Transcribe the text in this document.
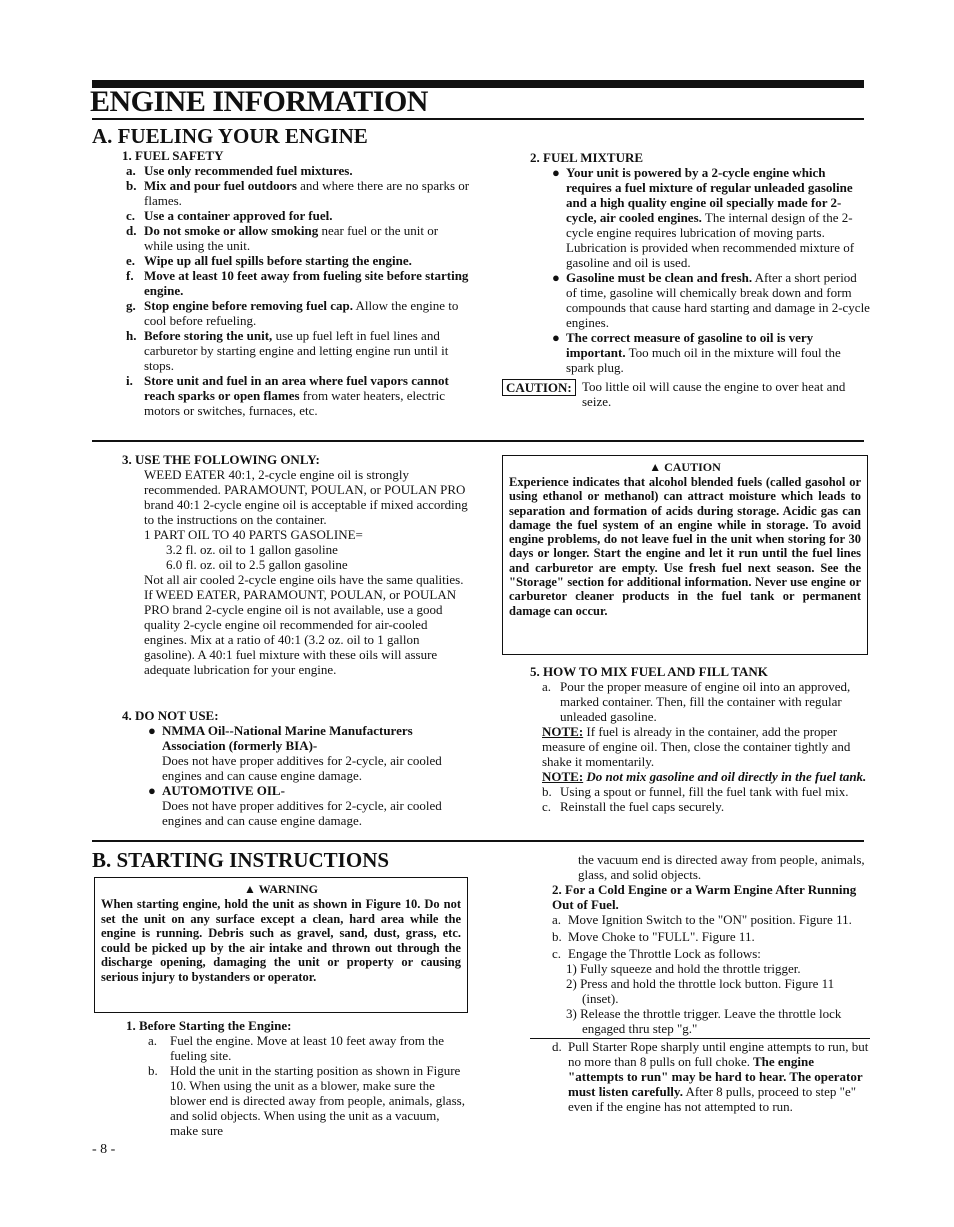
ENGINE INFORMATION
A. FUELING YOUR ENGINE

1. FUEL SAFETY

a. Use only recommended fuel mixtures.
b. Mix and pour fuel outdoors and where there are no sparks or flames.
c. Use a container approved for fuel.
d. Do not smoke or allow smoking near fuel or the unit or while using the unit.
e. Wipe up all fuel spills before starting the engine.
f. Move at least 10 feet away from fueling site before starting engine.
g. Stop engine before removing fuel cap. Allow the engine to cool before refueling.
h. Before storing the unit, use up fuel left in fuel lines and carburetor by starting engine and letting engine run until it stops.
i. Store unit and fuel in an area where fuel vapors cannot reach sparks or open flames from water heaters, electric motors or switches, furnaces, etc.

2. FUEL MIXTURE

● Your unit is powered by a 2-cycle engine which requires a fuel mixture of regular unleaded gasoline and a high quality engine oil specially made for 2-cycle, air cooled engines. The internal design of the 2-cycle engine requires lubrication of moving parts. Lubrication is provided when recommended mixture of gasoline and oil is used.
● Gasoline must be clean and fresh. After a short period of time, gasoline will chemically break down and form compounds that cause hard starting and damage in 2-cycle engines.
● The correct measure of gasoline to oil is very important. Too much oil in the mixture will foul the spark plug.
CAUTION: Too little oil will cause the engine to over heat and seize.

3. USE THE FOLLOWING ONLY:

WEED EATER 40:1, 2-cycle engine oil is strongly recommended. PARAMOUNT, POULAN, or POULAN PRO brand 40:1 2-cycle engine oil is acceptable if mixed according to the instructions on the container.

1 PART OIL TO 40 PARTS GASOLINE=

3.2 fl. oz. oil to 1 gallon gasoline

6.0 fl. oz. oil to 2.5 gallon gasoline

Not all air cooled 2-cycle engine oils have the same qualities. If WEED EATER, PARAMOUNT, POULAN, or POULAN PRO brand 2-cycle engine oil is not available, use a good quality 2-cycle engine oil recommended for air-cooled engines. Mix at a ratio of 40:1 (3.2 oz. oil to 1 gallon gasoline). A 40:1 fuel mixture with these oils will assure adequate lubrication for your engine.

4. DO NOT USE:

● NMMA Oil--National Marine Manufacturers Association (formerly BIA)-

Does not have proper additives for 2-cycle, air cooled engines and can cause engine damage.

● AUTOMOTIVE OIL-

Does not have proper additives for 2-cycle, air cooled engines and can cause engine damage.

▲ CAUTION
Experience indicates that alcohol blended fuels (called gasohol or using ethanol or methanol) can attract moisture which leads to separation and formation of acids during storage. Acidic gas can damage the fuel system of an engine while in storage. To avoid engine problems, do not leave fuel in the unit when storing for 30 days or longer. Start the engine and let it run until the fuel lines and carburetor are empty. Use fresh fuel next season. See the "Storage" section for additional information. Never use engine or carburetor cleaner products in the fuel tank or permanent damage can occur.

5. HOW TO MIX FUEL AND FILL TANK

a. Pour the proper measure of engine oil into an approved, marked container. Then, fill the container with regular unleaded gasoline.
NOTE: If fuel is already in the container, add the proper measure of engine oil. Then, close the container tightly and shake it momentarily.
NOTE: Do not mix gasoline and oil directly in the fuel tank.
b. Using a spout or funnel, fill the fuel tank with fuel mix.
c. Reinstall the fuel caps securely.
B. STARTING INSTRUCTIONS
▲ WARNING
When starting engine, hold the unit as shown in Figure 10. Do not set the unit on any surface except a clean, hard area while the engine is running. Debris such as gravel, sand, dust, grass, etc. could be picked up by the air intake and thrown out through the discharge opening, damaging the unit or property or causing serious injury to bystanders or operator.

1. Before Starting the Engine:

a. Fuel the engine. Move at least 10 feet away from the fueling site.
b. Hold the unit in the starting position as shown in Figure 10. When using the unit as a blower, make sure the blower end is directed away from people, animals, glass, and solid objects. When using the unit as a vacuum, make sure

the vacuum end is directed away from people, animals, glass, and solid objects.

2. For a Cold Engine or a Warm Engine After Running Out of Fuel.
a. Move Ignition Switch to the "ON" position. Figure 11.
b. Move Choke to "FULL". Figure 11.
c. Engage the Throttle Lock as follows:

1) Fully squeeze and hold the throttle trigger.

2) Press and hold the throttle lock button. Figure 11 (inset).

3) Release the throttle trigger. Leave the throttle lock engaged thru step "g."

d. Pull Starter Rope sharply until engine attempts to run, but no more than 8 pulls on full choke. The engine "attempts to run" may be hard to hear. The operator must listen carefully. After 8 pulls, proceed to step "e" even if the engine has not attempted to run.
- 8 -
